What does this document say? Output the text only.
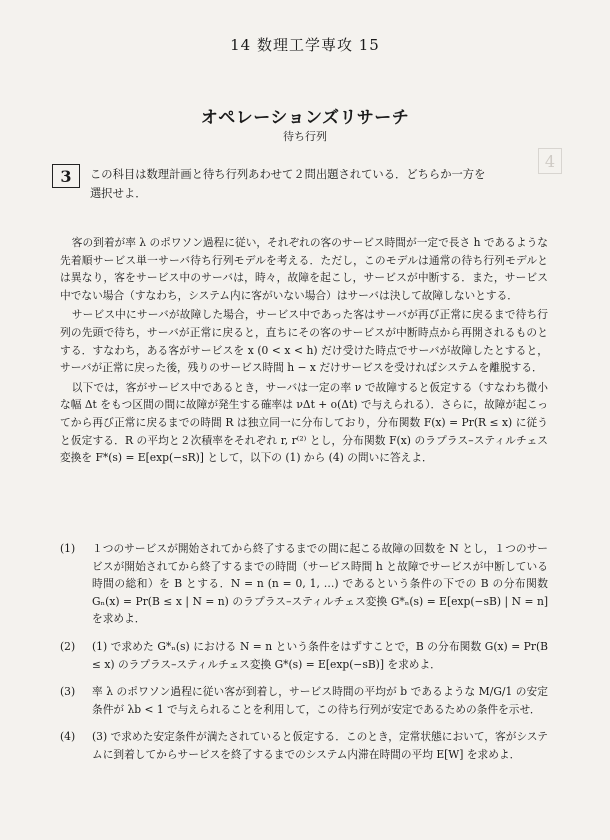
14 数理工学専攻 15
オペレーションズリサーチ
待ち行列
4
3	この科目は数理計画と待ち行列あわせて２問出題されている．どちらか一方を選択せよ．

客の到着が率 λ のポワソン過程に従い，それぞれの客のサービス時間が一定で長さ h であるような先着順サービス単一サーバ待ち行列モデルを考える．ただし，このモデルは通常の待ち行列モデルとは異なり，客をサービス中のサーバは，時々，故障を起こし，サービスが中断する．また，サービス中でない場合（すなわち，システム内に客がいない場合）はサーバは決して故障しないとする．

サービス中にサーバが故障した場合，サービス中であった客はサーバが再び正常に戻るまで待ち行列の先頭で待ち，サーバが正常に戻ると，直ちにその客のサービスが中断時点から再開されるものとする．すなわち，ある客がサービスを x (0 < x < h) だけ受けた時点でサーバが故障したとすると，サーバが正常に戻った後，残りのサービス時間 h − x だけサービスを受ければシステムを離脱する．

以下では，客がサービス中であるとき，サーバは一定の率 ν で故障すると仮定する（すなわち微小な幅 Δt をもつ区間の間に故障が発生する確率は νΔt + o(Δt) で与えられる）．さらに，故障が起こってから再び正常に戻るまでの時間 R は独立同一に分布しており，分布関数 F(x) = Pr(R ≤ x) に従うと仮定する．R の平均と２次積率をそれぞれ r, r⁽²⁾ とし，分布関数 F(x) のラプラス–スティルチェス変換を F*(s) = E[exp(−sR)] として，以下の (1) から (4) の問いに答えよ．

(1)	１つのサービスが開始されてから終了するまでの間に起こる故障の回数を N とし，１つのサービスが開始されてから終了するまでの時間（サービス時間 h と故障でサービスが中断している時間の総和）を B とする．N = n (n = 0, 1, …) であるという条件の下での B の分布関数 Gₙ(x) = Pr(B ≤ x | N = n) のラプラス–スティルチェス変換 G*ₙ(s) = E[exp(−sB) | N = n] を求めよ．
(2)	(1) で求めた G*ₙ(s) における N = n という条件をはずすことで，B の分布関数 G(x) = Pr(B ≤ x) のラプラス–スティルチェス変換 G*(s) = E[exp(−sB)] を求めよ．
(3)	率 λ のポワソン過程に従い客が到着し，サービス時間の平均が b であるような M/G/1 の安定条件が λb < 1 で与えられることを利用して，この待ち行列が安定であるための条件を示せ．
(4)	(3) で求めた安定条件が満たされていると仮定する．このとき，定常状態において，客がシステムに到着してからサービスを終了するまでのシステム内滞在時間の平均 E[W] を求めよ．
